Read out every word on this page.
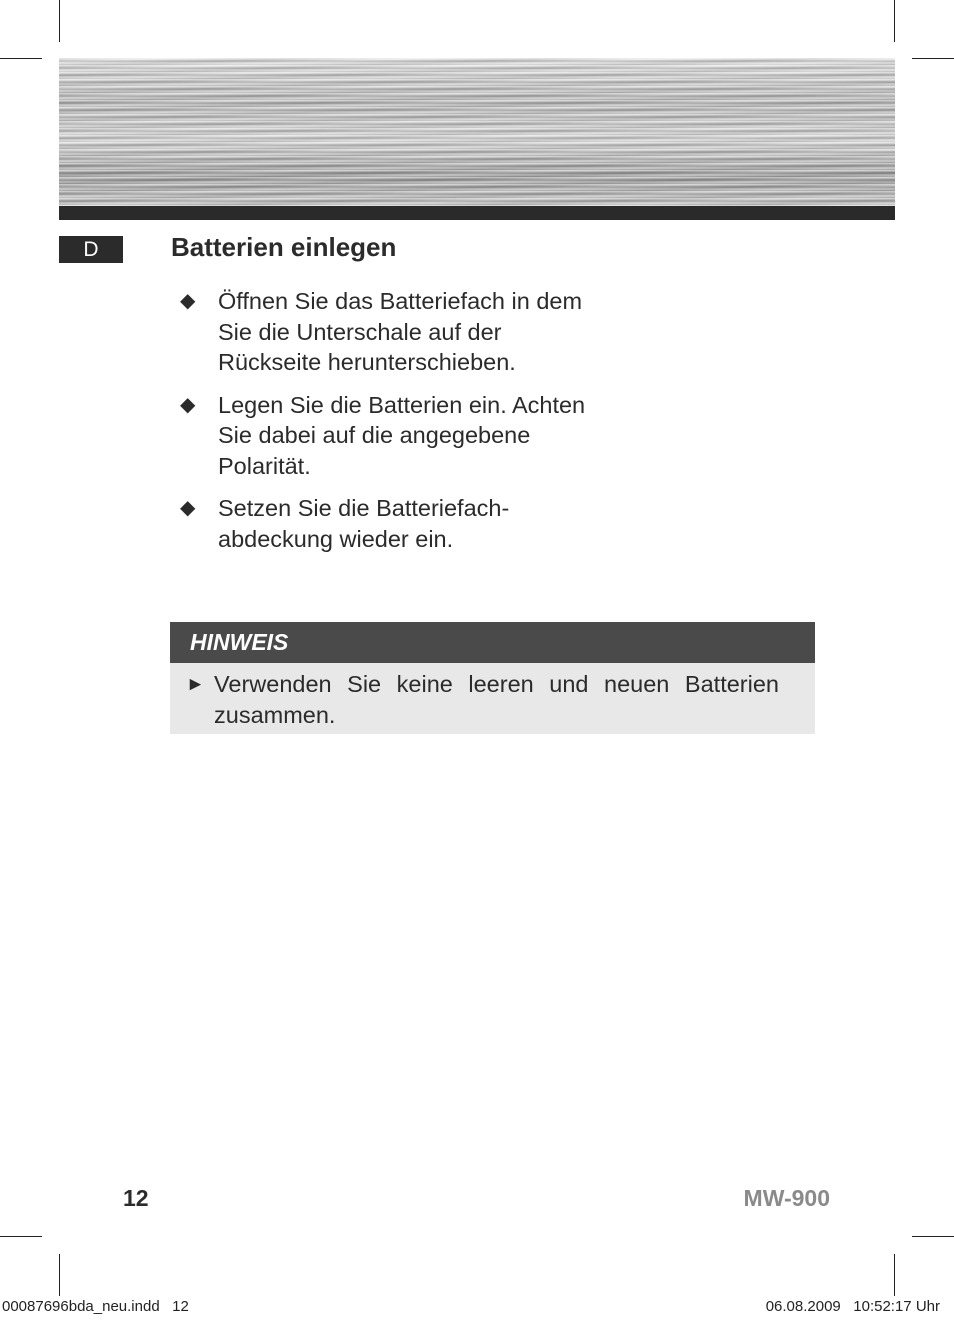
D	Batterien einlegen
◆ Öffnen Sie das Batteriefach in dem Sie die Unterschale auf der Rückseite herunterschieben.
◆ Legen Sie die Batterien ein. Achten Sie dabei auf die angegebene Polarität.
◆ Setzen Sie die Batteriefach-abdeckung wieder ein.
HINWEIS
► Verwenden Sie keine leeren und neuen Batterien zusammen.
12	MW-900
00087696bda_neu.indd   12	06.08.2009   10:52:17 Uhr
